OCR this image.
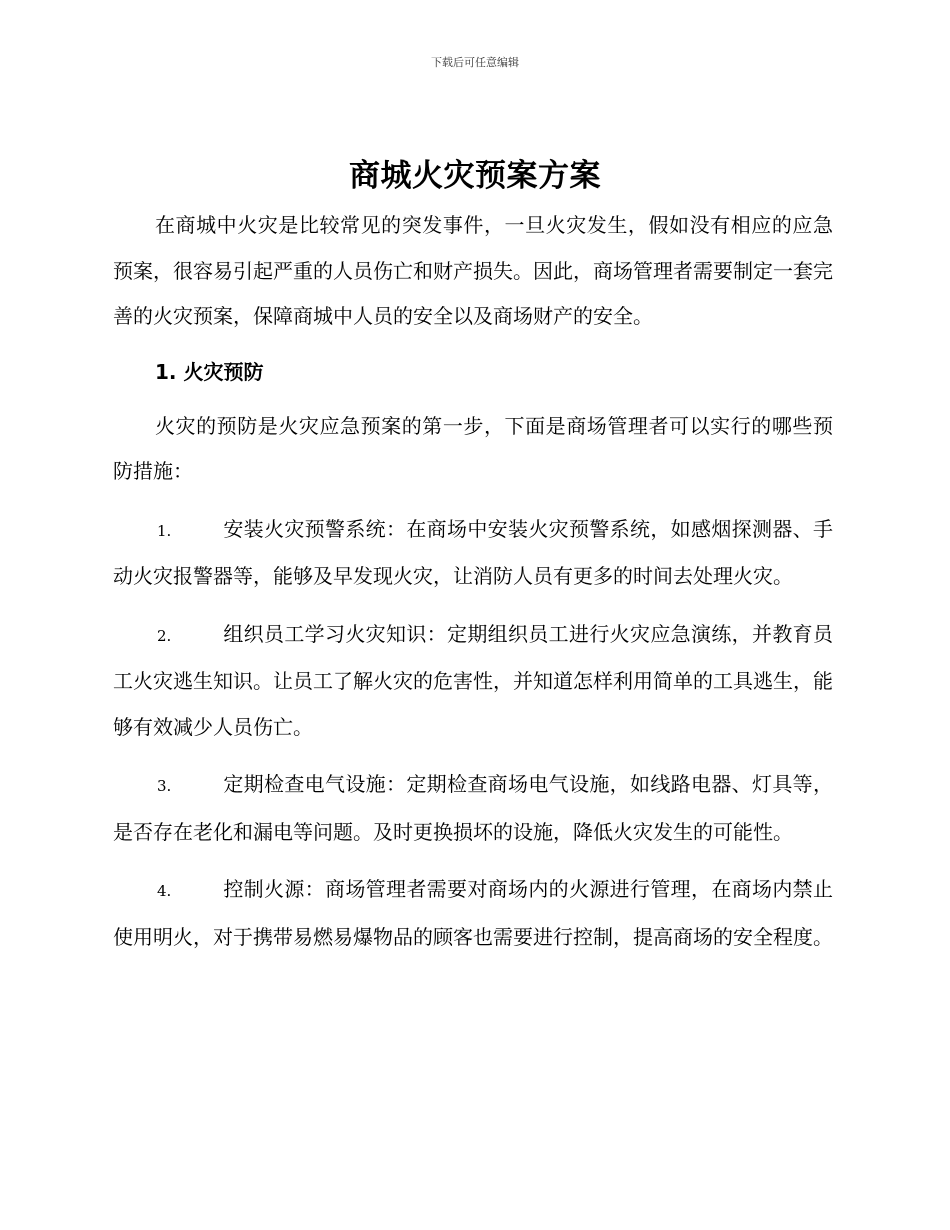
下载后可任意编辑
商城火灾预案方案

在商城中火灾是比较常见的突发事件，一旦火灾发生，假如没有相应的应急预案，很容易引起严重的人员伤亡和财产损失。因此，商场管理者需要制定一套完善的火灾预案，保障商城中人员的安全以及商场财产的安全。

1. 火灾预防

火灾的预防是火灾应急预案的第一步，下面是商场管理者可以实行的哪些预防措施：

1.	安装火灾预警系统：在商场中安装火灾预警系统，如感烟探测器、手动火灾报警器等，能够及早发现火灾，让消防人员有更多的时间去处理火灾。
2.	组织员工学习火灾知识：定期组织员工进行火灾应急演练，并教育员工火灾逃生知识。让员工了解火灾的危害性，并知道怎样利用简单的工具逃生，能够有效减少人员伤亡。
3.	定期检查电气设施：定期检查商场电气设施，如线路电器、灯具等，是否存在老化和漏电等问题。及时更换损坏的设施，降低火灾发生的可能性。
4.	控制火源：商场管理者需要对商场内的火源进行管理，在商场内禁止使用明火，对于携带易燃易爆物品的顾客也需要进行控制，提高商场的安全程度。
